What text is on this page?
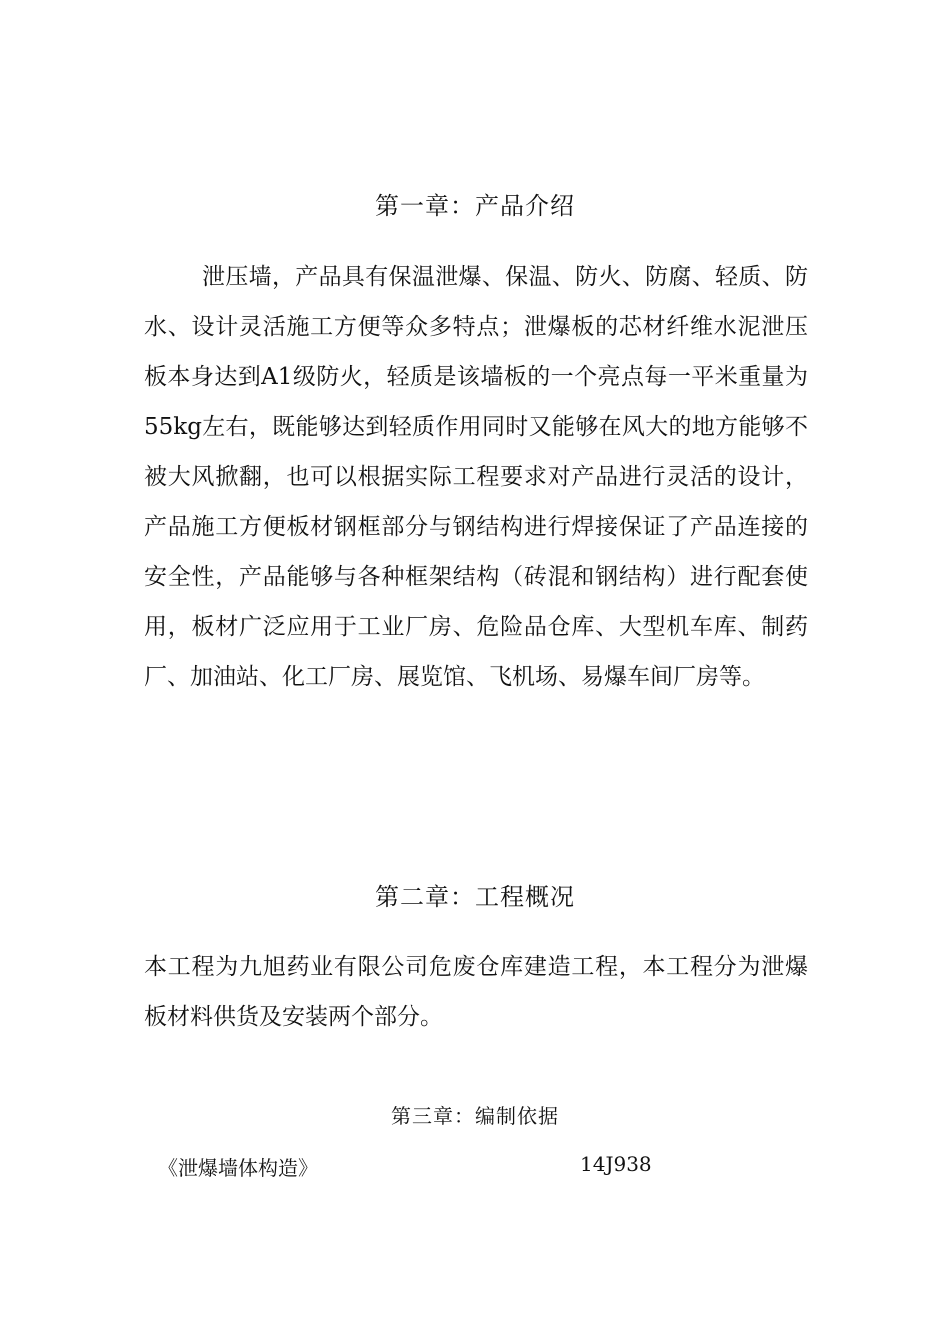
第一章：产品介绍

泄压墙，产品具有保温泄爆、保温、防火、防腐、轻质、防水、设计灵活施工方便等众多特点；泄爆板的芯材纤维水泥泄压板本身达到A1级防火，轻质是该墙板的一个亮点每一平米重量为55kg左右，既能够达到轻质作用同时又能够在风大的地方能够不被大风掀翻，也可以根据实际工程要求对产品进行灵活的设计，产品施工方便板材钢框部分与钢结构进行焊接保证了产品连接的安全性，产品能够与各种框架结构（砖混和钢结构）进行配套使用，板材广泛应用于工业厂房、危险品仓库、大型机车库、制药厂、加油站、化工厂房、展览馆、飞机场、易爆车间厂房等。

第二章：工程概况

本工程为九旭药业有限公司危废仓库建造工程，本工程分为泄爆板材料供货及安装两个部分。

第三章：编制依据
《泄爆墙体构造》	14J938
